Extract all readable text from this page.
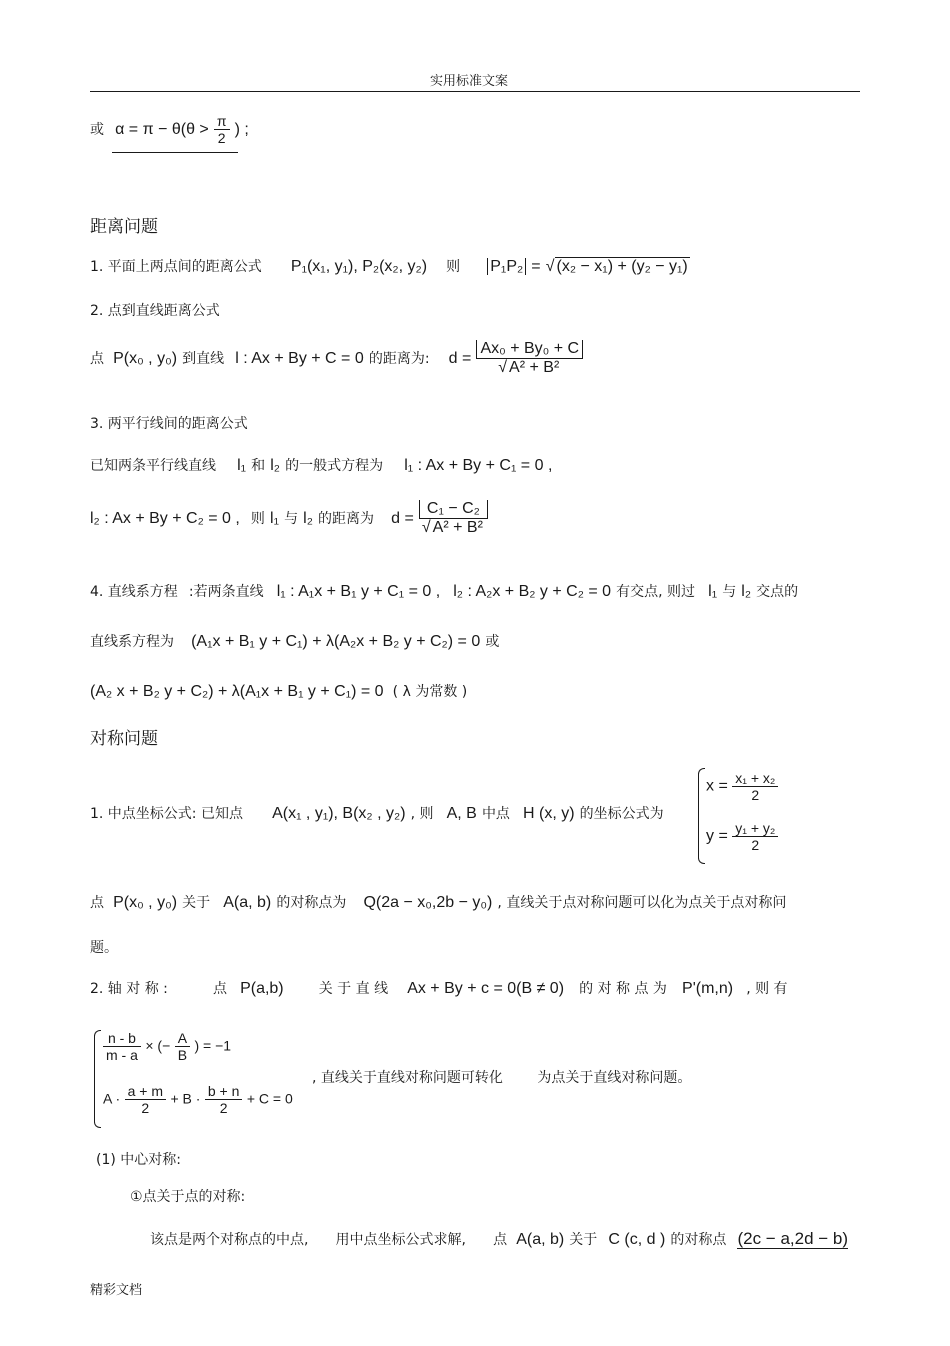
实用标准文案
或 $\alpha = \pi - \theta(\theta > \frac{\pi}{2}$ ) ;
距离问题
1. 平面上两点间的距离公式 P₁(x₁, y₁), P₂(x₂, y₂) 则 P₁P₂ = √ (x₂ − x₁) + (y₂ − y₁)
2. 点到直线距离公式
点 P(x₀ , y₀) 到直线 l : Ax + By + C = 0 的距离为: $d = \frac{\text{Ax₀ + By₀ + C}}{\text{√ A² + B²}}$
3. 两平行线间的距离公式
已知两条平行线直线 l₁ 和 l₂ 的一般式方程为 l₁ : Ax + By + C₁ = 0 ,
l₂ : Ax + By + C₂ = 0 , 则 l₁ 与 l₂ 的距离为 $d = \frac{\text{C₁ − C₂}}{\text{√ A² + B²}}$
4. 直线系方程 :若两条直线 l₁ : A₁x + B₁ y + C₁ = 0 , l₂ : A₂x + B₂ y + C₂ = 0 有交点, 则过 l₁ 与 l₂ 交点的
直线系方程为 (A₁x + B₁ y + C₁) + λ(A₂x + B₂ y + C₂) = 0 或
(A₂ x + B₂ y + C₂) + λ(A₁x + B₁ y + C₁) = 0 ( λ 为常数 )
对称问题
1. 中点坐标公式: 已知点 A(x₁ , y₁), B(x₂ , y₂) , 则 A, B 中点 H (x, y) 的坐标公式为
$x = \frac{\text{x₁ + x₂}}{2}$
$y = \frac{\text{y₁ + y₂}}{2}$
点 P(x₀ , y₀) 关于 A(a, b) 的对称点为 Q(2a − x₀,2b − y₀) , 直线关于点对称问题可以化为点关于点对称问
题。
2. 轴 对 称 :	点 P(a,b)	关 于 直 线 Ax + By + c = 0(B ≠ 0) 的 对 称 点 为 P'(m,n) , 则 有
$\frac{n - b}{m - a}$ × (− $\frac{A}{B}$ ) = −1
$A \cdot \frac{a + m}{2} + B \cdot \frac{b + n}{2} + C = 0$
, 直线关于直线对称问题可转化 为点关于直线对称问题。
(1) 中心对称:
①点关于点的对称:
该点是两个对称点的中点, 用中点坐标公式求解, 点 A(a, b) 关于 C (c, d ) 的对称点 (2c − a,2d − b)
精彩文档
